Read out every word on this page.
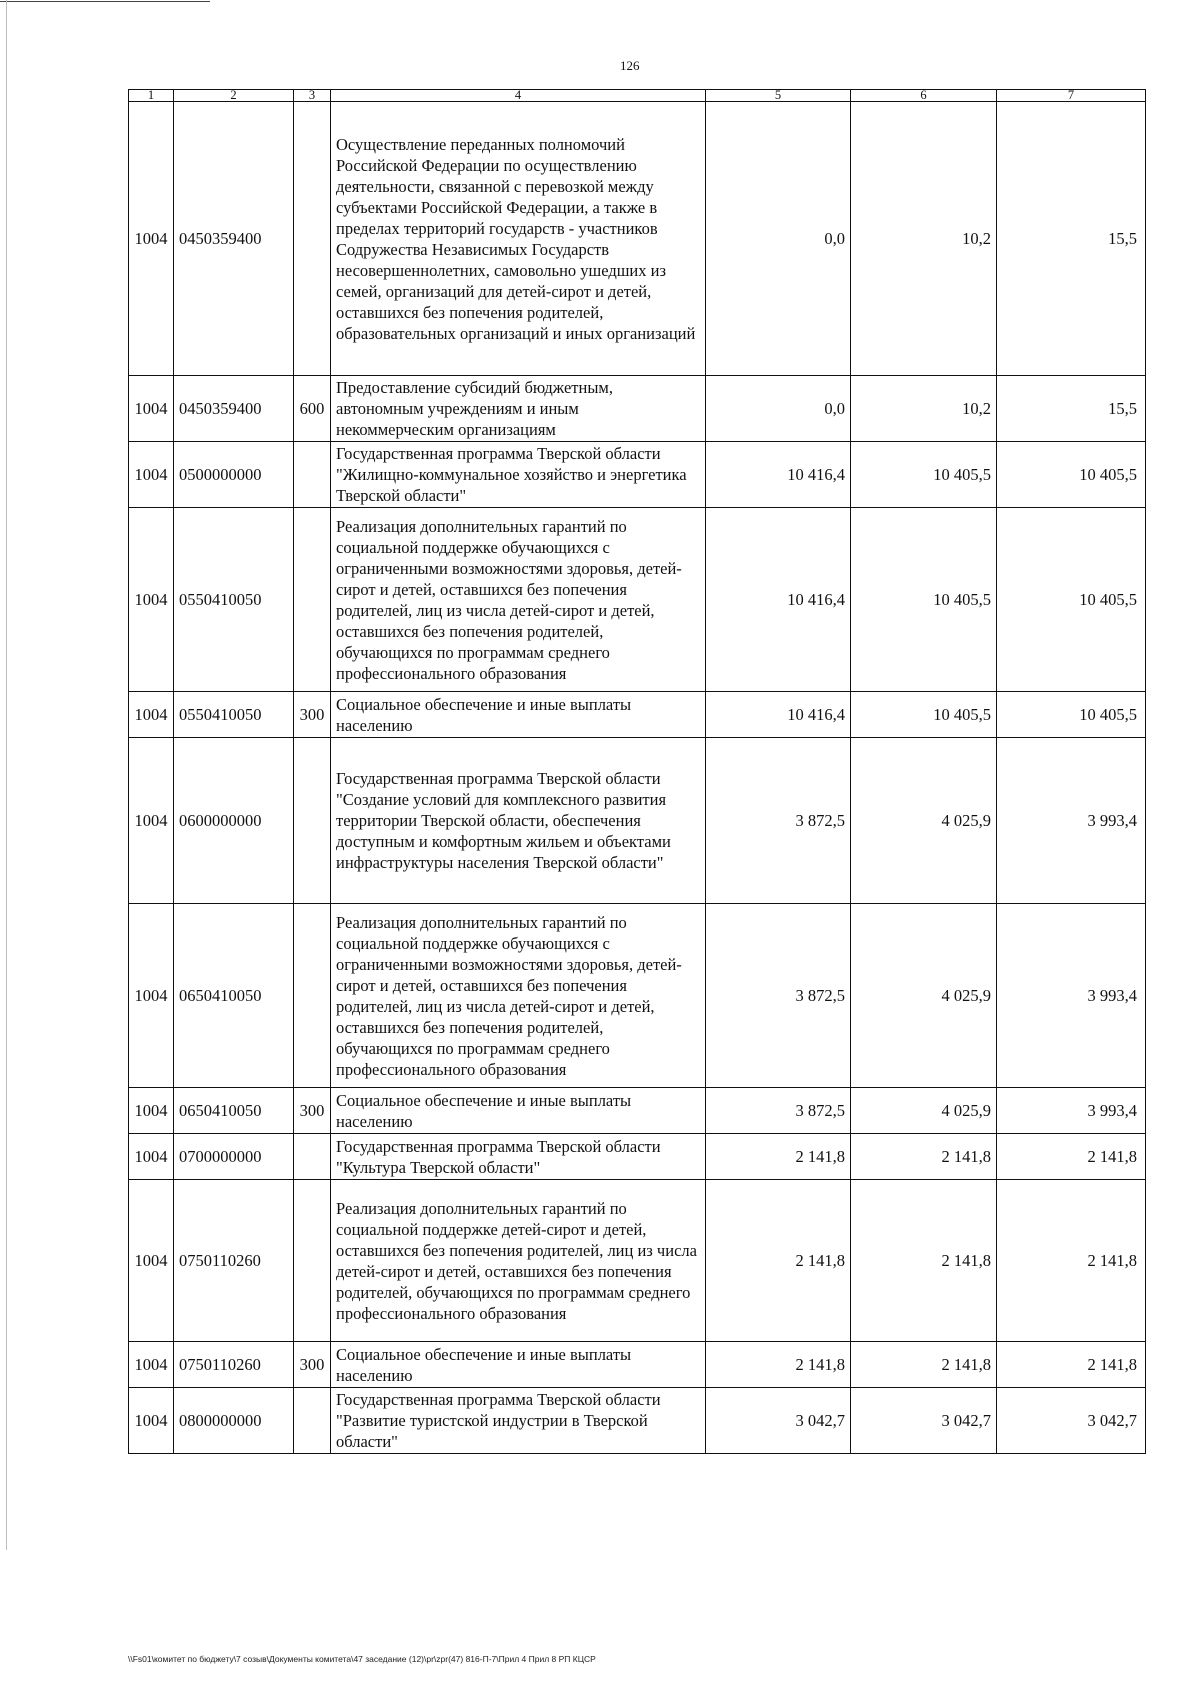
126
1	2	3	4	5	6	7
1004	0450359400		Осуществление переданных полномочий Российской Федерации по осуществлению деятельности, связанной с перевозкой между субъектами Российской Федерации, а также в пределах территорий государств - участников Содружества Независимых Государств несовершеннолетних, самовольно ушедших из семей, организаций для детей-сирот и детей, оставшихся без попечения родителей, образовательных организаций и иных организаций	0,0	10,2	15,5
1004	0450359400	600	Предоставление субсидий бюджетным, автономным учреждениям и иным некоммерческим организациям	0,0	10,2	15,5
1004	0500000000		Государственная программа Тверской области "Жилищно-коммунальное хозяйство и энергетика Тверской области"	10 416,4	10 405,5	10 405,5
1004	0550410050		Реализация дополнительных гарантий по социальной поддержке обучающихся с ограниченными возможностями здоровья, детей-сирот и детей, оставшихся без попечения родителей, лиц из числа детей-сирот и детей, оставшихся без попечения родителей, обучающихся по программам среднего профессионального образования	10 416,4	10 405,5	10 405,5
1004	0550410050	300	Социальное обеспечение и иные выплаты населению	10 416,4	10 405,5	10 405,5
1004	0600000000		Государственная программа Тверской области "Создание условий для комплексного развития территории Тверской области, обеспечения доступным и комфортным жильем и объектами инфраструктуры населения Тверской области"	3 872,5	4 025,9	3 993,4
1004	0650410050		Реализация дополнительных гарантий по социальной поддержке обучающихся с ограниченными возможностями здоровья, детей-сирот и детей, оставшихся без попечения родителей, лиц из числа детей-сирот и детей, оставшихся без попечения родителей, обучающихся по программам среднего профессионального образования	3 872,5	4 025,9	3 993,4
1004	0650410050	300	Социальное обеспечение и иные выплаты населению	3 872,5	4 025,9	3 993,4
1004	0700000000		Государственная программа Тверской области "Культура Тверской области"	2 141,8	2 141,8	2 141,8
1004	0750110260		Реализация дополнительных гарантий по социальной поддержке детей-сирот и детей, оставшихся без попечения родителей, лиц из числа детей-сирот и детей, оставшихся без попечения родителей, обучающихся по программам среднего профессионального образования	2 141,8	2 141,8	2 141,8
1004	0750110260	300	Социальное обеспечение и иные выплаты населению	2 141,8	2 141,8	2 141,8
1004	0800000000		Государственная программа Тверской области "Развитие туристской индустрии в Тверской области"	3 042,7	3 042,7	3 042,7
\\Fs01\комитет по бюджету\7 созыв\Документы комитета\47 заседание (12)\pr\zpr(47) 816-П-7\Прил 4 Прил 8 РП КЦСР
